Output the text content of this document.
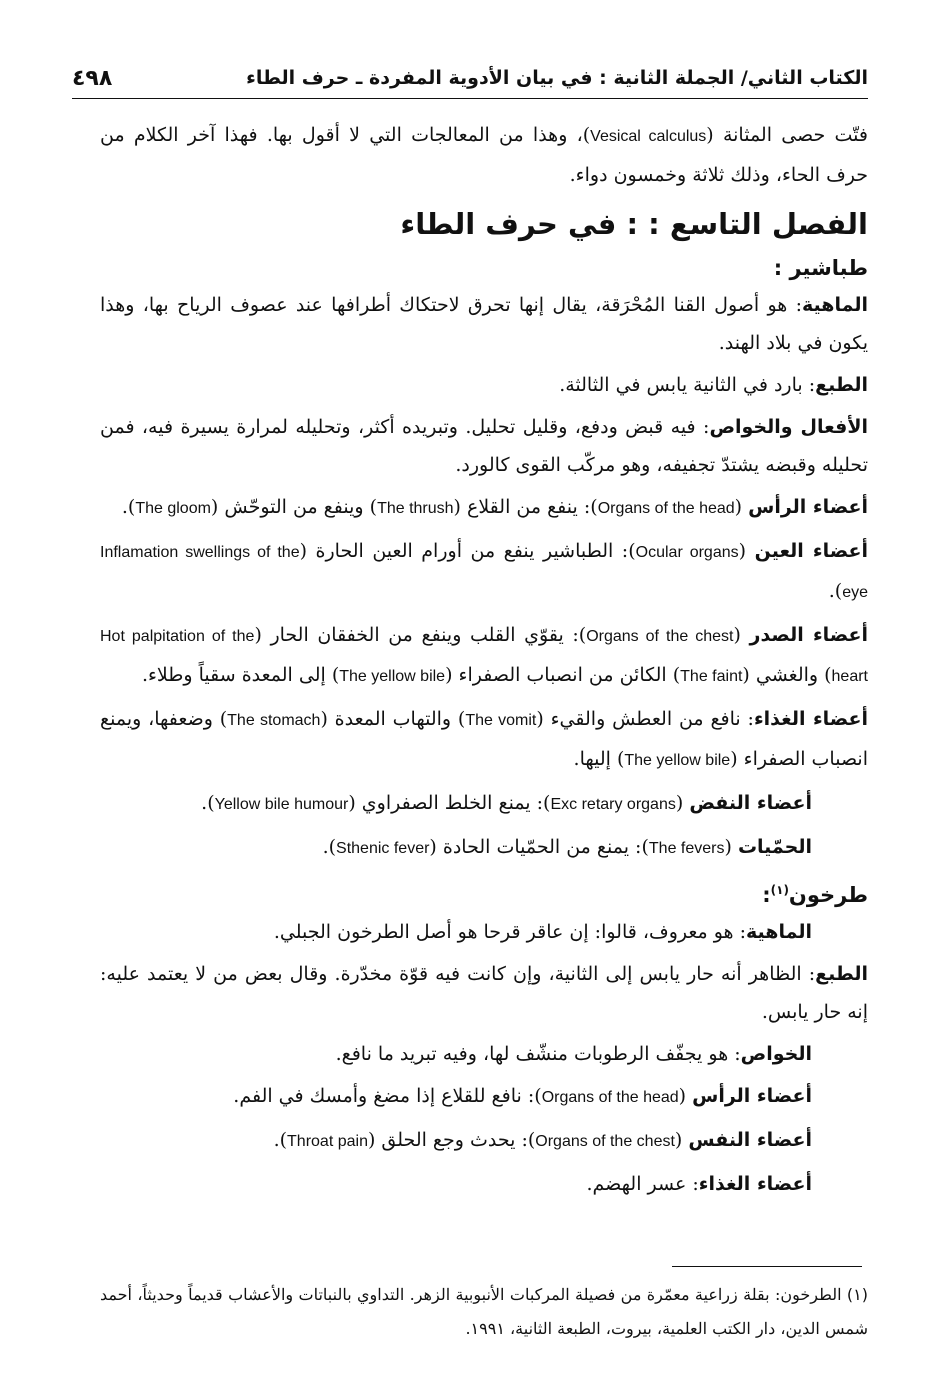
الكتاب الثاني/ الجملة الثانية : في بيان الأدوية المفردة ـ حرف الطاء
٤٩٨

فتّت حصى المثانة (Vesical calculus)، وهذا من المعالجات التي لا أقول بها. فهذا آخر الكلام من حرف الحاء، وذلك ثلاثة وخمسون دواء.

الفصل التاسع : : في حرف الطاء

طباشير :

الماهية: هو أصول القنا المُحْرَقة، يقال إنها تحرق لاحتكاك أطرافها عند عصوف الرياح بها، وهذا يكون في بلاد الهند.

الطبع: بارد في الثانية يابس في الثالثة.

الأفعال والخواص: فيه قبض ودفع، وقليل تحليل. وتبريده أكثر، وتحليله لمرارة يسيرة فيه، فمن تحليله وقبضه يشتدّ تجفيفه، وهو مركّب القوى كالورد.

أعضاء الرأس (Organs of the head): ينفع من القلاع (The thrush) وينفع من التوحّش (The gloom).

أعضاء العين (Ocular organs): الطباشير ينفع من أورام العين الحارة (Inflamation swellings of the eye).

أعضاء الصدر (Organs of the chest): يقوّي القلب وينفع من الخفقان الحار (Hot palpitation of the heart) والغشي (The faint) الكائن من انصباب الصفراء (The yellow bile) إلى المعدة سقياً وطلاء.

أعضاء الغذاء: نافع من العطش والقيء (The vomit) والتهاب المعدة (The stomach) وضعفها، ويمنع انصباب الصفراء (The yellow bile) إليها.

أعضاء النفض (Exc retary organs): يمنع الخلط الصفراوي (Yellow bile humour).

الحمّيات (The fevers): يمنع من الحمّيات الحادة (Sthenic fever).

طرخون$^{(١)}$:

الماهية: هو معروف، قالوا: إن عاقر قرحا هو أصل الطرخون الجبلي.

الطبع: الظاهر أنه حار يابس إلى الثانية، وإن كانت فيه قوّة مخدّرة. وقال بعض من لا يعتمد عليه: إنه حار يابس.

الخواص: هو يجفّف الرطوبات منشّف لها، وفيه تبريد ما نافع.

أعضاء الرأس (Organs of the head): نافع للقلاع إذا مضغ وأمسك في الفم.

أعضاء النفس (Organs of the chest): يحدث وجع الحلق (Throat pain).

أعضاء الغذاء: عسر الهضم.

(١) الطرخون: بقلة زراعية معمّرة من فصيلة المركبات الأنبوبية الزهر. التداوي بالنباتات والأعشاب قديماً وحديثاً، أحمد شمس الدين، دار الكتب العلمية، بيروت، الطبعة الثانية، ١٩٩١.
